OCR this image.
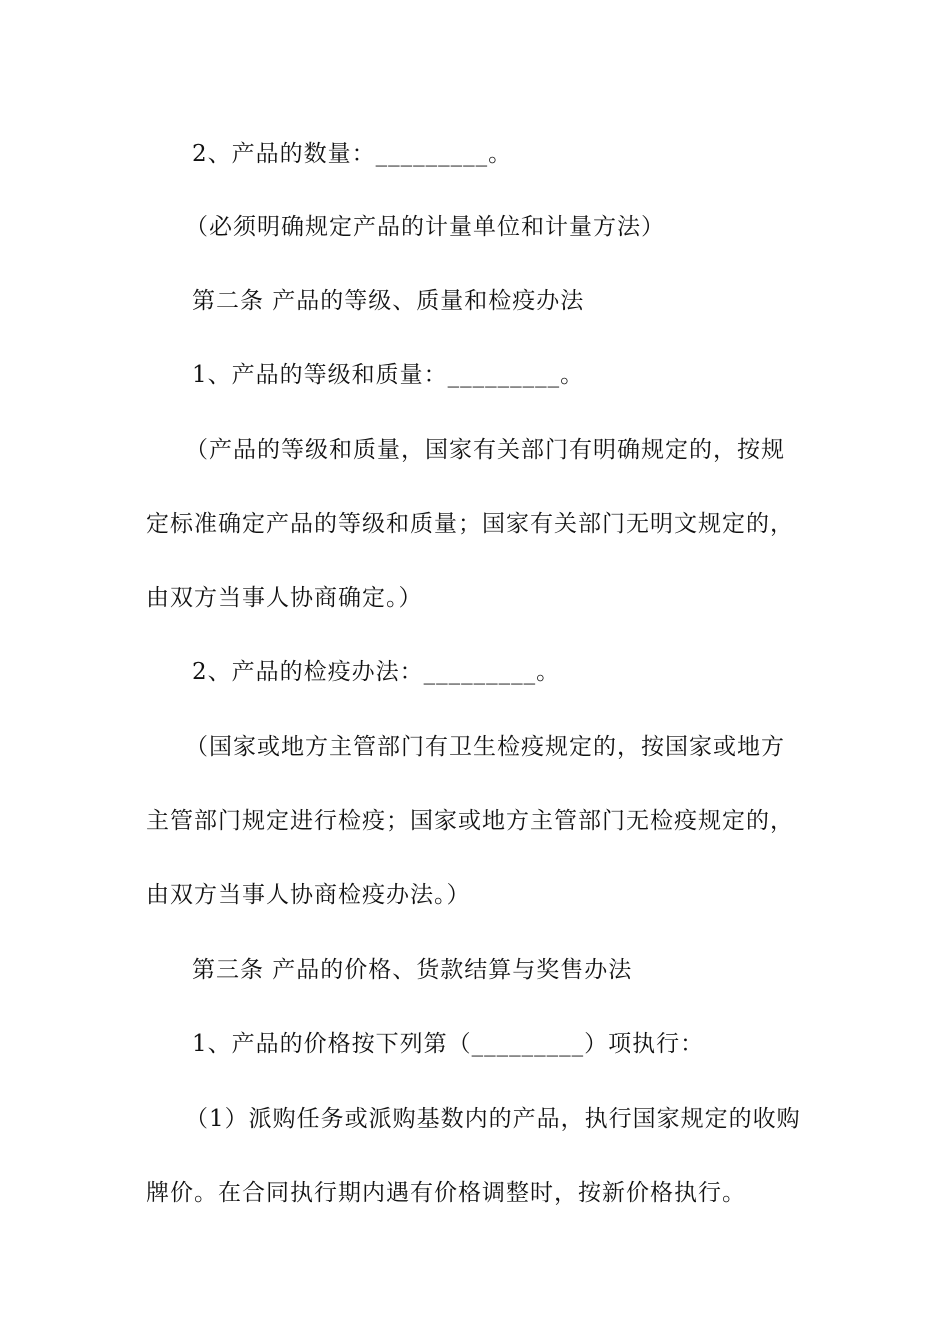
2、产品的数量：_________。
（必须明确规定产品的计量单位和计量方法）
第二条 产品的等级、质量和检疫办法
1、产品的等级和质量：_________。
（产品的等级和质量，国家有关部门有明确规定的，按规
定标准确定产品的等级和质量；国家有关部门无明文规定的，
由双方当事人协商确定。）
2、产品的检疫办法：_________。
（国家或地方主管部门有卫生检疫规定的，按国家或地方
主管部门规定进行检疫；国家或地方主管部门无检疫规定的，
由双方当事人协商检疫办法。）
第三条 产品的价格、货款结算与奖售办法
1、产品的价格按下列第（_________）项执行：
（1）派购任务或派购基数内的产品，执行国家规定的收购
牌价。在合同执行期内遇有价格调整时，按新价格执行。
